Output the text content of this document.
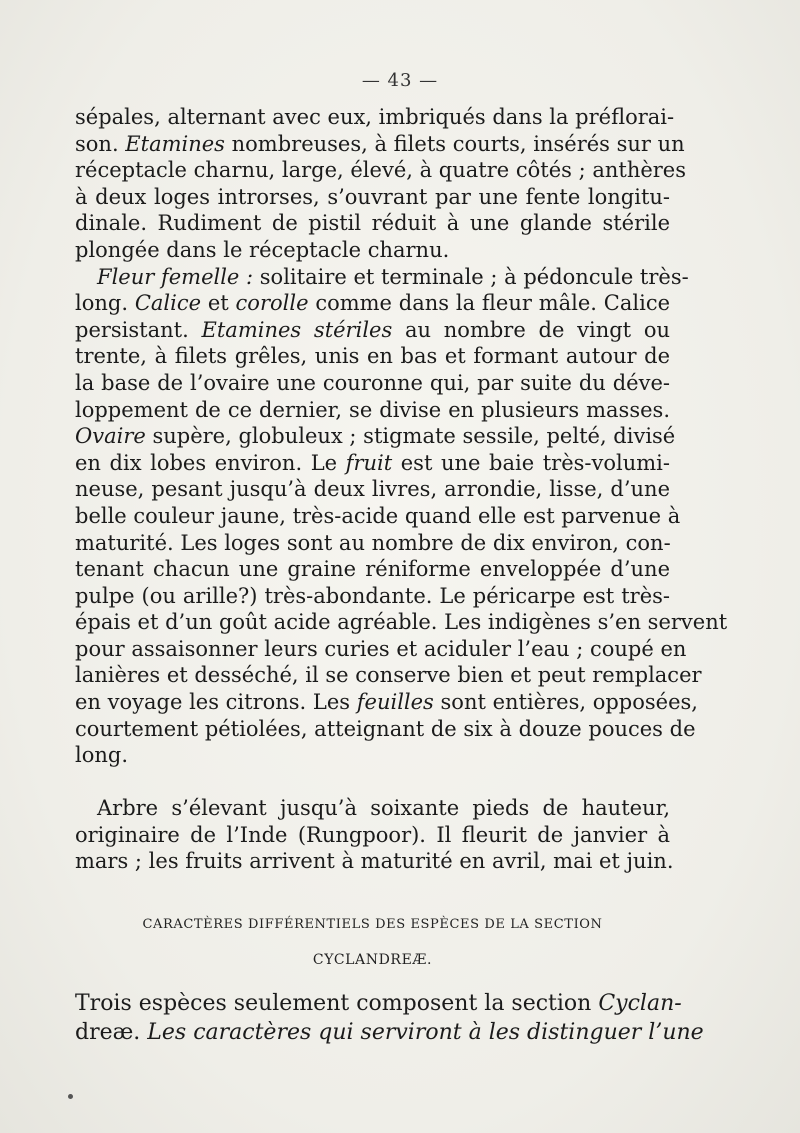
— 43 —
sépales, alternant avec eux, imbriqués dans la préflorai-
son. Etamines nombreuses, à filets courts, insérés sur un
réceptacle charnu, large, élevé, à quatre côtés ; anthères
à deux loges introrses, s’ouvrant par une fente longitu-
dinale. Rudiment de pistil réduit à une glande stérile
plongée dans le réceptacle charnu.
Fleur femelle : solitaire et terminale ; à pédoncule très-
long. Calice et corolle comme dans la fleur mâle. Calice
persistant. Etamines stériles au nombre de vingt ou
trente, à filets grêles, unis en bas et formant autour de
la base de l’ovaire une couronne qui, par suite du déve-
loppement de ce dernier, se divise en plusieurs masses.
Ovaire supère, globuleux ; stigmate sessile, pelté, divisé
en dix lobes environ. Le fruit est une baie très-volumi-
neuse, pesant jusqu’à deux livres, arrondie, lisse, d’une
belle couleur jaune, très-acide quand elle est parvenue à
maturité. Les loges sont au nombre de dix environ, con-
tenant chacun une graine réniforme enveloppée d’une
pulpe (ou arille?) très-abondante. Le péricarpe est très-
épais et d’un goût acide agréable. Les indigènes s’en servent
pour assaisonner leurs curies et aciduler l’eau ; coupé en
lanières et desséché, il se conserve bien et peut remplacer
en voyage les citrons. Les feuilles sont entières, opposées,
courtement pétiolées, atteignant de six à douze pouces de
long.
Arbre s’élevant jusqu’à soixante pieds de hauteur,
originaire de l’Inde (Rungpoor). Il fleurit de janvier à
mars ; les fruits arrivent à maturité en avril, mai et juin.
CARACTÈRES DIFFÉRENTIELS DES ESPÈCES DE LA SECTION
CYCLANDREÆ.
Trois espèces seulement composent la section Cyclan-
dreæ. Les caractères qui serviront à les distinguer l’une
